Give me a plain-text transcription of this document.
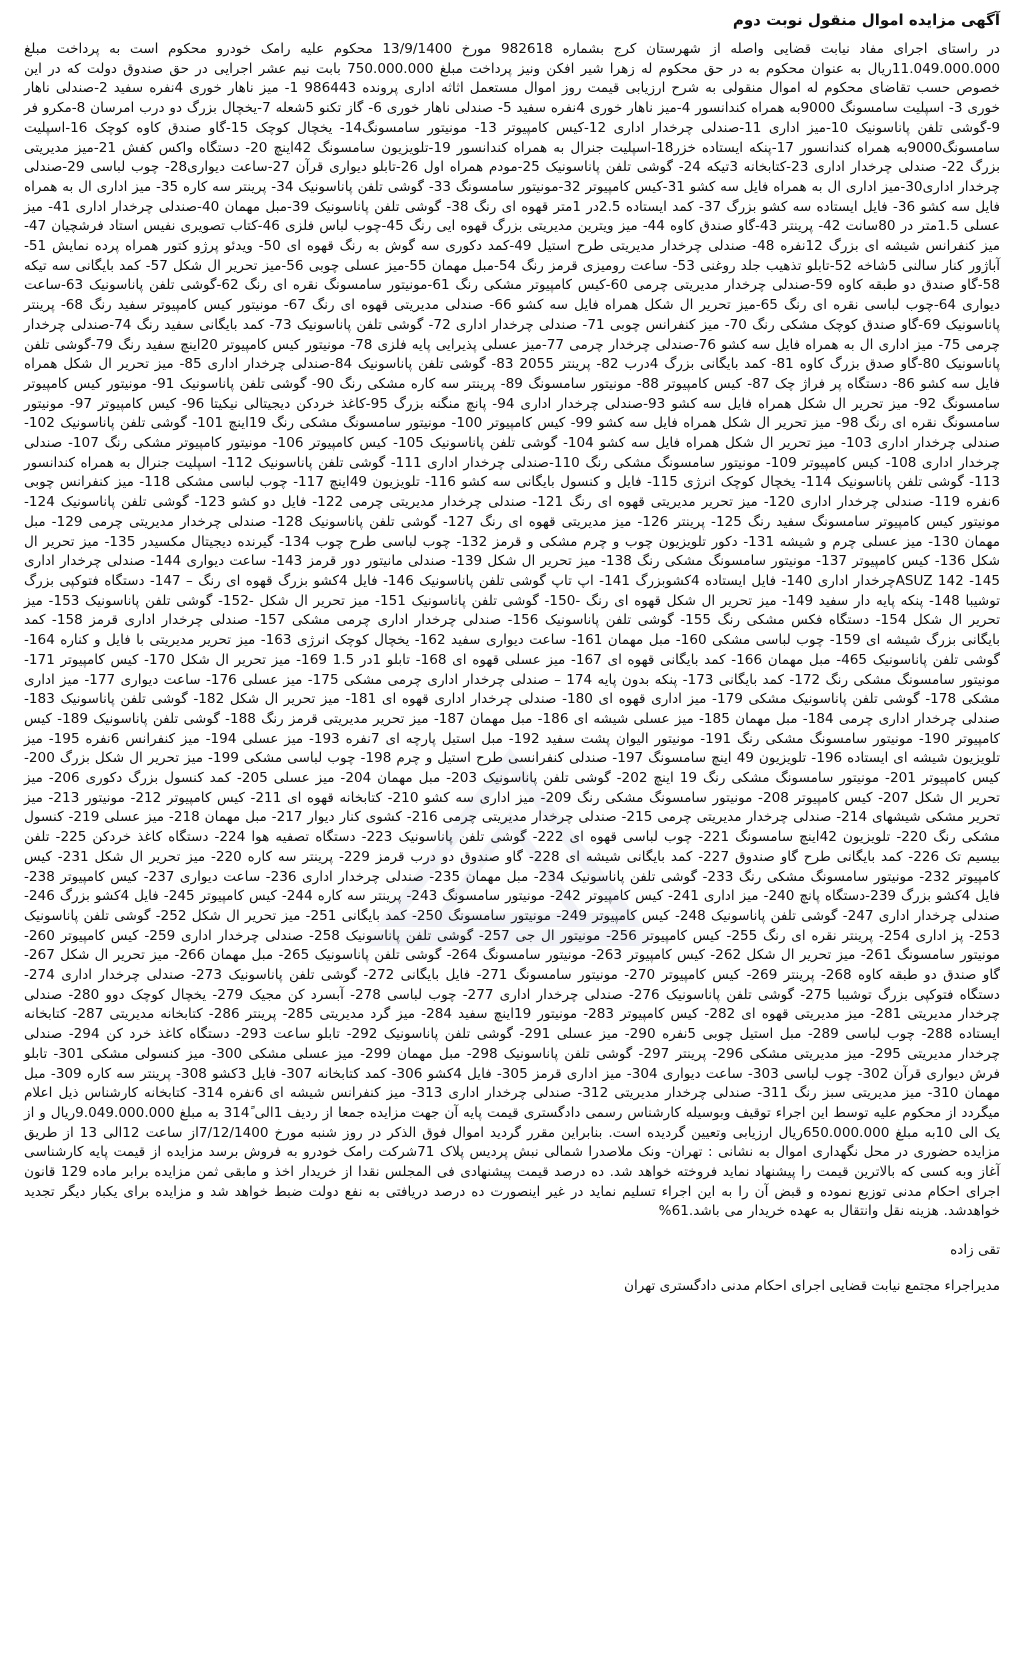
آگهی مزایده اموال منقول نوبت دوم

در راستای اجرای مفاد نیابت قضایی واصله از شهرستان کرج بشماره 982618 مورخ 13/9/1400 محکوم علیه رامک خودرو محکوم است به پرداخت مبلغ 11.049.000.000ریال به عنوان محکوم به در حق محکوم له زهرا شیر افکن ونیز پرداخت مبلغ 750.000.000 بابت نیم عشر اجرایی در حق صندوق دولت که در این خصوص حسب تقاضای محکوم له اموال منقولی به شرح ارزیابی قیمت روز اموال مستعمل اثاثه اداری پرونده 986443 1- میز ناهار خوری 4نفره سفید 2-صندلی ناهار خوری 3- اسپلیت سامسونگ 9000به همراه کندانسور 4-میز ناهار خوری 4نفره سفید 5- صندلی ناهار خوری 6- گاز تکنو 5شعله 7-یخچال بزرگ دو درب امرسان 8-مکرو فر 9-گوشی تلفن پاناسونیک 10-میز اداری 11-صندلی چرخدار اداری 12-کیس کامپیوتر 13- مونیتور سامسونگ14- یخچال کوچک 15-گاو صندق کاوه کوچک 16-اسپلیت سامسونگ9000به همراه کندانسور 17-پنکه ایستاده خزر18-اسپلیت جنرال به همراه کندانسور 19-تلویزیون سامسونگ 42اینچ 20- دستگاه واکس کفش 21-میز مدیریتی بزرگ 22- صندلی چرخدار اداری 23-کتابخانه 3تیکه 24- گوشی تلفن پاناسونیک 25-مودم همراه اول 26-تابلو دیواری قرآن 27-ساعت دیواری28- چوب لباسی 29-صندلی چرخدار اداری30-میز اداری ال به همراه فایل سه کشو 31-کیس کامپیوتر 32-مونیتور سامسونگ 33- گوشی تلفن پاناسونیک 34- پرینتر سه کاره 35- میز اداری ال به همراه فایل سه کشو 36- فایل ایستاده سه کشو بزرگ 37- کمد ایستاده 2.5در 1متر قهوه ای رنگ 38- گوشی تلفن پاناسونیک 39-مبل مهمان 40-صندلی چرخدار اداری 41- میز عسلی 1.5متر در 80سانت 42- پرینتر 43-گاو صندق کاوه 44- میز ویترین مدیریتی بزرگ قهوه ایی رنگ 45-چوب لباس فلزی 46-کتاب تصویری نفیس استاد فرشچیان 47-میز کنفرانس شیشه ای بزرگ 12نفره 48- صندلی چرخدار مدیریتی طرح استیل 49-کمد دکوری سه گوش به رنگ قهوه ای 50- ویدئو پرژو کتور همراه پرده نمایش 51-آباژور کنار سالنی 5شاخه 52-تابلو تذهیب جلد روغنی 53- ساعت رومیزی قرمز رنگ 54-مبل مهمان 55-میز عسلی چوبی 56-میز تحریر ال شکل 57- کمد بایگانی سه تیکه 58-گاو صندق دو طبقه کاوه 59-صندلی چرخدار مدیریتی چرمی 60-کیس کامپیوتر مشکی رنگ 61-مونیتور سامسونگ نقره ای رنگ 62-گوشی تلفن پاناسونیک 63-ساعت دیواری 64-چوب لباسی نقره ای رنگ 65-میز تحریر ال شکل همراه فایل سه کشو 66- صندلی مدیریتی قهوه ای رنگ 67- مونیتور کیس کامپیوتر سفید رنگ 68- پرینتر پاناسونیک 69-گاو صندق کوچک مشکی رنگ 70- میز کنفرانس چوبی 71- صندلی چرخدار اداری 72- گوشی تلفن پاناسونیک 73- کمد بایگانی سفید رنگ 74-صندلی چرخدار چرمی 75- میز اداری ال به همراه فایل سه کشو 76-صندلی چرخدار چرمی 77-میز عسلی پذیرایی پایه فلزی 78- مونیتور کیس کامپیوتر 20اینچ سفید رنگ 79-گوشی تلفن پاناسونیک 80-گاو صدق بزرگ کاوه 81- کمد بایگانی بزرگ 4درب 82- پرینتر 2055 83- گوشی تلفن پاناسونیک 84-صندلی چرخدار اداری 85- میز تحریر ال شکل همراه فایل سه کشو 86- دستگاه پر فراژ چک 87- کیس کامپیوتر 88- مونیتور سامسونگ 89- پرینتر سه کاره مشکی رنگ 90- گوشی تلفن پاناسونیک 91- مونیتور کیس کامپیوتر سامسونگ 92- میز تحریر ال شکل همراه فایل سه کشو 93-صندلی چرخدار اداری 94- پانچ منگنه بزرگ 95-کاغذ خردکن دیجیتالی نیکیتا 96- کیس کامپیوتر 97- مونیتور سامسونگ نقره ای رنگ 98- میز تحریر ال شکل همراه فایل سه کشو 99- کیس کامپیوتر 100- مونیتور سامسونگ مشکی رنگ 19اینچ 101- گوشی تلفن پاناسونیک 102- صندلی چرخدار اداری 103- میز تحریر ال شکل همراه فایل سه کشو 104- گوشی تلفن پاناسونیک 105- کیس کامپیوتر 106- مونیتور کامپیوتر مشکی رنگ 107- صندلی چرخدار اداری 108- کیس کامپیوتر 109- مونیتور سامسونگ مشکی رنگ 110-صندلی چرخدار اداری 111- گوشی تلفن پاناسونیک 112- اسپلیت جنرال به همراه کندانسور 113- گوشی تلفن پاناسونیک 114- یخچال کوچک انرژی 115- فایل و کنسول بایگانی سه کشو 116- تلویزیون 49اینچ 117- چوب لباسی مشکی 118- میز کنفرانس چوبی 6نفره 119- صندلی چرخدار اداری 120- میز تحریر مدیریتی قهوه ای رنگ 121- صندلی چرخدار مدیریتی چرمی 122- فایل دو کشو 123- گوشی تلفن پاناسونیک 124- مونیتور کیس کامپیوتر سامسونگ سفید رنگ 125- پرینتر 126- میز مدیریتی قهوه ای رنگ 127- گوشی تلفن پاناسونیک 128- صندلی چرخدار مدیریتی چرمی 129- مبل مهمان 130- میز عسلی چرم و شیشه 131- دکور تلویزیون چوب و چرم مشکی و قرمز 132- چوب لباسی طرح چوب 134- گیرنده دیجیتال مکسیدر 135- میز تحریر ال شکل 136- کیس کامپیوتر 137- مونیتور سامسونگ مشکی رنگ 138- میز تحریر ال شکل 139- صندلی مانیتور دور قرمز 143- ساعت دیواری 144- صندلی چرخدار اداری 145- ASUZ 142چرخدار اداری 140- فایل ایستاده 4کشوبزرگ 141- اپ تاپ گوشی تلفن پاناسونیک 146- فایل 4کشو بزرگ قهوه ای رنگ – 147- دستگاه فتوکپی بزرگ توشیبا 148- پنکه پایه دار سفید 149- میز تحریر ال شکل قهوه ای رنگ -150- گوشی تلفن پاناسونیک 151- میز تحریر ال شکل -152- گوشی تلفن پاناسونیک 153- میز تحریر ال شکل 154- دستگاه فکس مشکی رنگ 155- گوشی تلفن پاناسونیک 156- صندلی چرخدار اداری چرمی مشکی 157- صندلی چرخدار اداری قرمز 158- کمد بایگانی بزرگ شیشه ای 159- چوب لباسی مشکی 160- مبل مهمان 161- ساعت دیواری سفید 162- یخچال کوچک انرژی 163- میز تحریر مدیریتی با فایل و کناره 164-گوشی تلفن پاناسونیک 465- مبل مهمان 166- کمد بایگانی قهوه ای 167- میز عسلی قهوه ای 168- تابلو 1در 1.5 169- میز تحریر ال شکل 170- کیس کامپیوتر 171- مونیتور سامسونگ مشکی رنگ 172- کمد بایگانی 173- پنکه بدون پایه 174 – صندلی چرخدار اداری چرمی مشکی 175- میز عسلی 176- ساعت دیواری 177- میز اداری مشکی 178- گوشی تلفن پاناسونیک مشکی 179- میز اداری قهوه ای 180- صندلی چرخدار اداری قهوه ای 181- میز تحریر ال شکل 182- گوشی تلفن پاناسونیک 183- صندلی چرخدار اداری چرمی 184- مبل مهمان 185- میز عسلی شیشه ای 186- مبل مهمان 187- میز تحریر مدیریتی قرمز رنگ 188- گوشی تلفن پاناسونیک 189- کیس کامپیوتر 190- مونیتور سامسونگ مشکی رنگ 191- مونیتور الیوان پشت سفید 192- مبل استیل پارچه ای 7نفره 193- میز عسلی 194- میز کنفرانس 6نفره 195- میز تلویزیون شیشه ای ایستاده 196- تلویزیون 49 اینچ سامسونگ 197- صندلی کنفرانسی طرح استیل و چرم 198- چوب لباسی مشکی 199- میز تحریر ال شکل بزرگ 200- کیس کامپیوتر 201- مونیتور سامسونگ مشکی رنگ 19 اینچ 202- گوشی تلفن پاناسونیک 203- مبل مهمان 204- میز عسلی 205- کمد کنسول بزرگ دکوری 206- میز تحریر ال شکل 207- کیس کامپیوتر 208- مونیتور سامسونگ مشکی رنگ 209- میز اداری سه کشو 210- کتابخانه قهوه ای 211- کیس کامپیوتر 212- مونیتور 213- میز تحریر مشکی شیشهای 214- صندلی چرخدار مدیریتی چرمی 215- صندلی چرخدار مدیریتی چرمی 216- کشوی کنار دیوار 217- مبل مهمان 218- میز عسلی 219- کنسول مشکی رنگ 220- تلویزیون 42اینچ سامسونگ 221- چوب لباسی قهوه ای 222- گوشی تلفن پاناسونیک 223- دستگاه تصفیه هوا 224- دستگاه کاغذ خردکن 225- تلفن بیسیم تک 226- کمد بایگانی طرح گاو صندوق 227- کمد بایگانی شیشه ای 228- گاو صندوق دو درب قرمز 229- پرینتر سه کاره 220- میز تحریر ال شکل 231- کیس کامپیوتر 232- مونیتور سامسونگ مشکی رنگ 233- گوشی تلفن پاناسونیک 234- مبل مهمان 235- صندلی چرخدار اداری 236- ساعت دیواری 237- کیس کامپیوتر 238- فایل 4کشو بزرگ 239-دستگاه پانچ 240- میز اداری 241- کیس کامپیوتر 242- مونیتور سامسونگ 243- پرینتر سه کاره 244- کیس کامپیوتر 245- فایل 4کشو بزرگ 246- صندلی چرخدار اداری 247- گوشی تلفن پاناسونیک 248- کیس کامپیوتر 249- مونیتور سامسونگ 250- کمد بایگانی 251- میز تحریر ال شکل 252- گوشی تلفن پاناسونیک 253- پز اداری 254- پرینتر نقره ای رنگ 255- کیس کامپیوتر 256- مونیتور ال جی 257- گوشی تلفن پاناسونیک 258- صندلی چرخدار اداری 259- کیس کامپیوتر 260- مونیتور سامسونگ 261- میز تحریر ال شکل 262- کیس کامپیوتر 263- مونیتور سامسونگ 264- گوشی تلفن پاناسونیک 265- مبل مهمان 266- میز تحریر ال شکل 267- گاو صندق دو طبقه کاوه 268- پرینتر 269- کیس کامپیوتر 270- مونیتور سامسونگ 271- فایل بایگانی 272- گوشی تلفن پاناسونیک 273- صندلی چرخدار اداری 274- دستگاه فتوکپی بزرگ توشیبا 275- گوشی تلفن پاناسونیک 276- صندلی چرخدار اداری 277- چوب لباسی 278- آبسرد کن مجیک 279- یخچال کوچک دوو 280- صندلی چرخدار مدیریتی 281- میز مدیریتی قهوه ای 282- کیس کامپیوتر 283- مونیتور 19اینچ سفید 284- میز گرد مدیریتی 285- پرینتر 286- کتابخانه مدیریتی 287- کتابخانه ایستاده 288- چوب لباسی 289- مبل استیل چوبی 5نفره 290- میز عسلی 291- گوشی تلفن پاناسونیک 292- تابلو ساعت 293- دستگاه کاغذ خرد کن 294- صندلی چرخدار مدیریتی 295- میز مدیریتی مشکی 296- پرینتر 297- گوشی تلفن پاناسونیک 298- مبل مهمان 299- میز عسلی مشکی 300- میز کنسولی مشکی 301- تابلو فرش دیواری قرآن 302- چوب لباسی 303- ساعت دیواری 304- میز اداری قرمز 305- فایل 4کشو 306- کمد کتابخانه 307- فایل 3کشو 308- پرینتر سه کاره 309- مبل مهمان 310- میز مدیریتی سبز رنگ 311- صندلی چرخدار مدیریتی 312- صندلی چرخدار اداری 313- میز کنفرانس شیشه ای 6نفره 314- کتابخانه کارشناس ذیل اعلام میگردد از محکوم علیه توسط این اجراء توقیف وبوسیله کارشناس رسمی دادگستری قیمت پایه آن جهت مزایده جمعا از ردیف 1الی 314ً به مبلغ 9.049.000.000ریال و از یک الی 10به مبلغ 650.000.000ریال ارزیابی وتعیین گردیده است. بنابراین مقرر گردید اموال فوق الذکر در روز شنبه مورخ 7/12/1400از ساعت 12الی 13 از طریق مزایده حضوری در محل نگهداری اموال به نشانی : تهران- ونک ملاصدرا شمالی نبش پردیس پلاک 71شرکت رامک خودرو به فروش برسد مزایده از قیمت پایه کارشناسی آغاز وبه کسی که بالاترین قیمت را پیشنهاد نماید فروخته خواهد شد. ده درصد قیمت پیشنهادی فی المجلس نقدا از خریدار اخذ و مابقی ثمن مزایده برابر ماده 129 قانون اجرای احکام مدنی توزیع نموده و قبض آن را به این اجراء تسلیم نماید در غیر اینصورت ده درصد دریافتی به نفع دولت ضبط خواهد شد و مزایده برای یکبار دیگر تجدید خواهدشد. هزینه نقل وانتقال به عهده خریدار می باشد.61%

تقی زاده

مدیراجراء مجتمع نیابت قضایی اجرای احکام مدنی دادگستری تهران
